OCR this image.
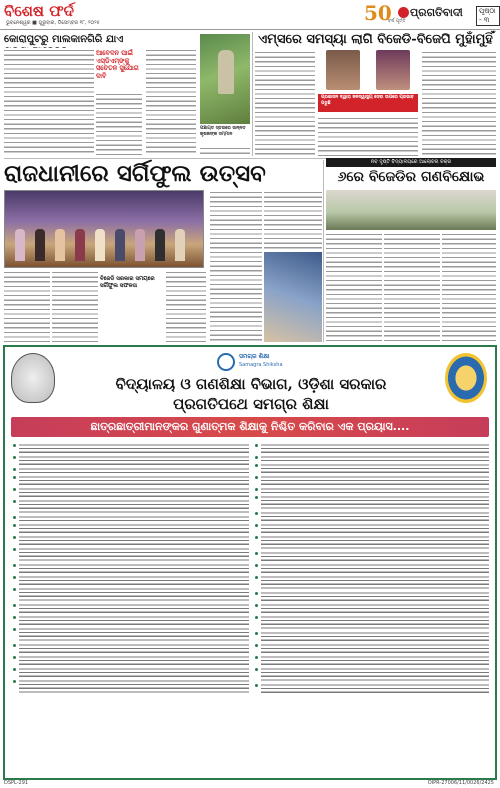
ବିଶେଷ ଫର୍ଦ
ଭୁବନେଶ୍ୱର ■ ଗୁରୁବାର, ଡିସେମ୍ବର ୧୮, ୨୦୨୫	50
ବର୍ଷ ପୂର୍ତ୍ତି
ପ୍ରଗତିବାଦୀ	ପୃଷ୍ଠା - ୩
କୋରାପୁଟରୁ ମାଲକାନଗିରି ଯାଏ
ଆବେଦନ ପାଇଁ ଏସ୍‌ଡିଏମ୍‌ଙ୍କୁ ସଚେତନ ସୁଯୋଗ ଦାବି
ପଞ୍ଚାୟତ ସ୍ତରରେ ଉନ୍ନତ କୃଷକଙ୍କ ସମ୍ମାନ
ଏମ୍ସରେ ସମସ୍ୟା ଲାଗି ବିଜେଡି-ବିଜେପି ମୁହାଁମୁହିଁ
ପ୍ରଶାସନ ଦ୍ୱାରା ଜନସ୍ୱାସ୍ଥ୍ୟ ସେବା ଉପରେ ପ୍ରଭାବ ପଡୁଛି
ରାଜଧାନୀରେ ସର୍ଗିଫୁଲ ଉତ୍ସବ
ବିଜେଡି ସରକାର ସମୟରେ ସର୍ଗିଫୁଲ ସଫଳତା
ନବ ଦୃଷ୍ଟି ବିଦ୍ୟାଳୟରେ ଆଲୋଚନା ଚକ୍ର
୬ରେ ବିଜେଡିର ଗଣବିକ୍ଷୋଭ
ସମଗ୍ର ଶିକ୍ଷା
Samagra Shiksha
ବିଦ୍ୟାଳୟ ଓ ଗଣଶିକ୍ଷା ବିଭାଗ, ଓଡ଼ିଶା ସରକାର
ପ୍ରଗତିପଥେ ସମଗ୍ର ଶିକ୍ଷା
ଛାତ୍ରଛାତ୍ରୀମାନଙ୍କର ଗୁଣାତ୍ମକ ଶିକ୍ଷାକୁ ନିଶ୍ଚିତ କରିବାର ଏକ ପ୍ରୟାସ....
DSPL-291	OIPR-27006/11/0026/2425
